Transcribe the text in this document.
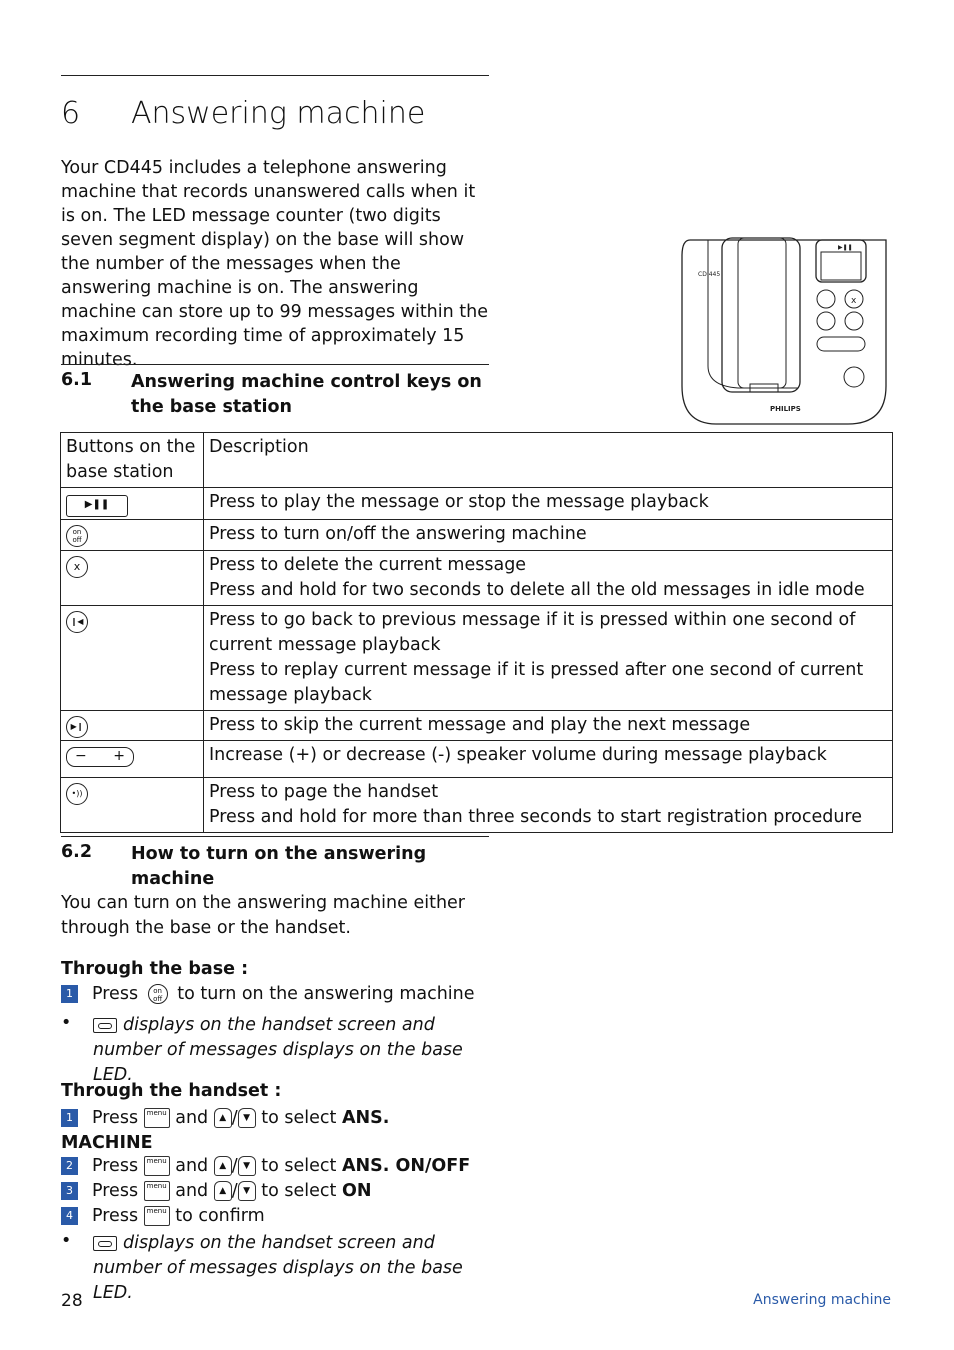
6 Answering machine
Your CD445 includes a telephone answering machine that records unanswered calls when it is on. The LED message counter (two digits seven segment display) on the base will show the number of the messages when the answering machine is on. The answering machine can store up to 99 messages within the maximum recording time of approximately 15 minutes.
6.1 Answering machine control keys on the base station
▶❚❚
x
CD 445
PHILIPS
Buttons on the base station	Description
▶❚❚	Press to play the message or stop the message playback
on
off	Press to turn on/off the answering machine
x	Press to delete the current message
Press and hold for two seconds to delete all the old messages in idle mode

❙◀	Press to go back to previous message if it is pressed within one second of current message playback
Press to replay current message if it is pressed after one second of current message playback

▶❙	Press to skip the current message and play the next message

− +	Increase (+) or decrease (-) speaker volume during message playback
•))	Press to page the handset
Press and hold for more than three seconds to start registration procedure
6.2 How to turn on the answering machine
You can turn on the answering machine either through the base or the handset.
Through the base :
1 Press on
off to turn on the answering machine
•	displays on the handset screen and number of messages displays on the base LED.
Through the handset :
1 Press menu and ▲ / ▼ to select ANS. MACHINE
2 Press menu and ▲ / ▼ to select ANS. ON/OFF
3 Press menu and ▲ / ▼ to select ON
4 Press menu to confirm
•	displays on the handset screen and number of messages displays on the base LED.
28	Answering machine
